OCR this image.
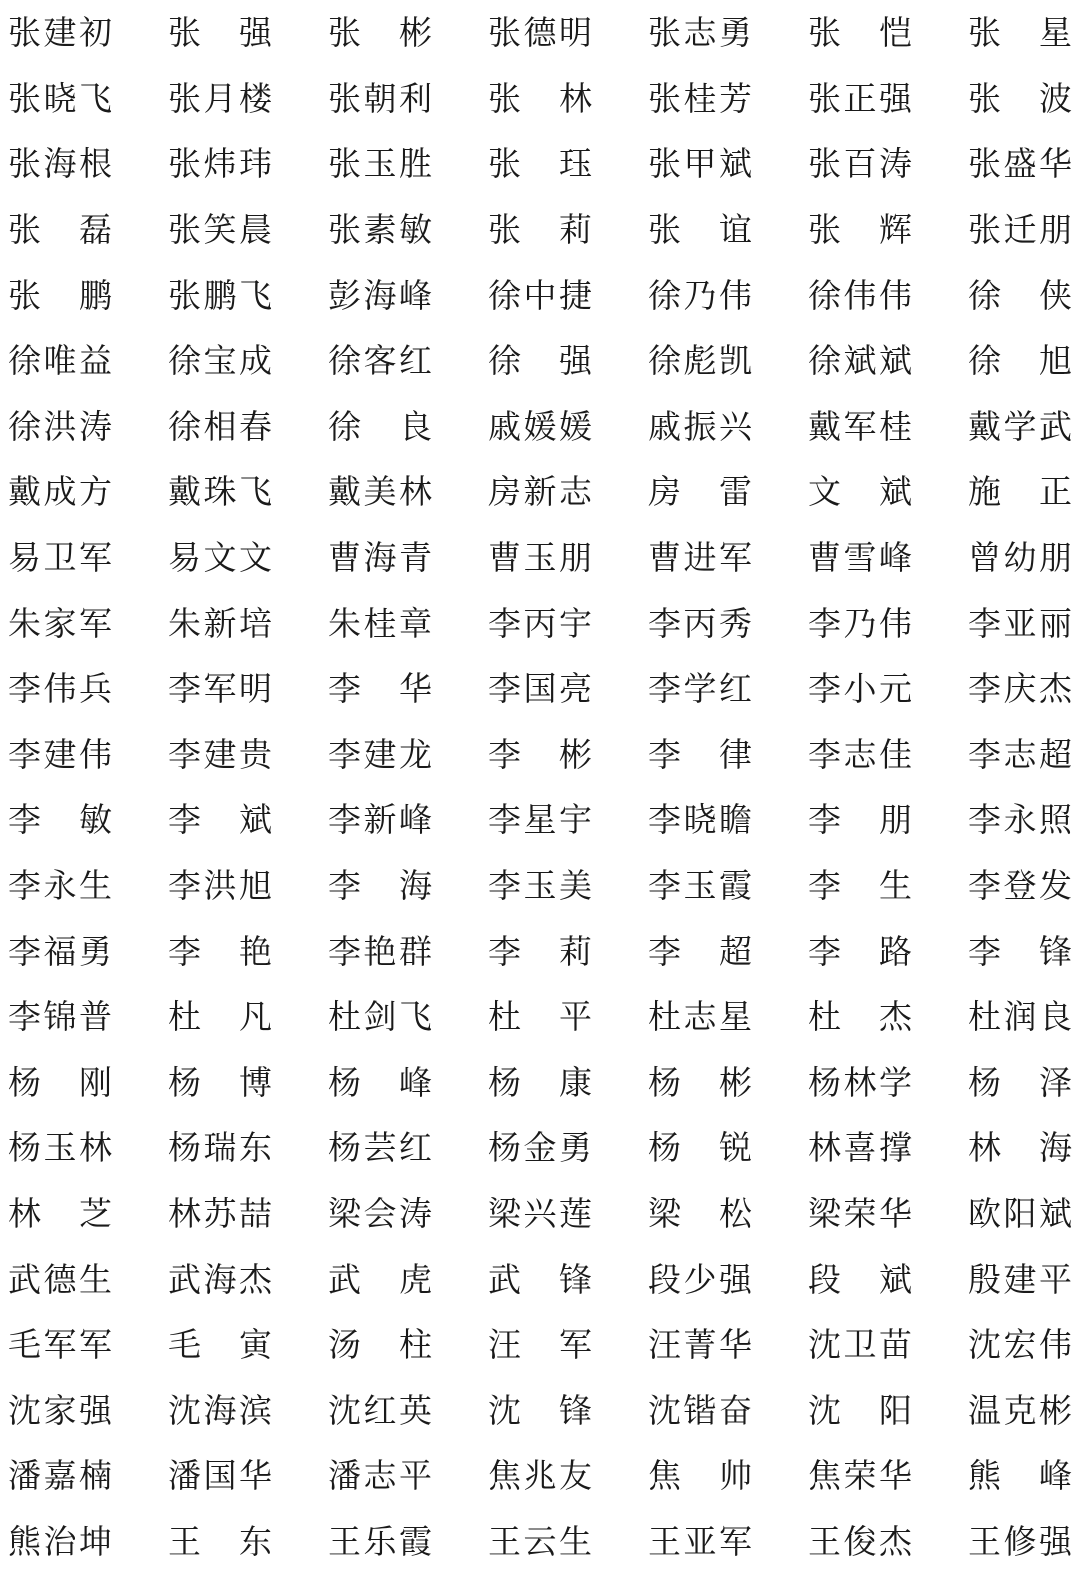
张 建 初 张 强 张 彬 张 德 明 张 志 勇 张 恺 张 星
张 晓 飞 张 月 楼 张 朝 利 张 林 张 桂 芳 张 正 强 张 波
张 海 根 张 炜 玮 张 玉 胜 张 珏 张 甲 斌 张 百 涛 张 盛 华
张 磊 张 笑 晨 张 素 敏 张 莉 张 谊 张 辉 张 迁 朋
张 鹏 张 鹏 飞 彭 海 峰 徐 中 捷 徐 乃 伟 徐 伟 伟 徐 侠
徐 唯 益 徐 宝 成 徐 客 红 徐 强 徐 彪 凯 徐 斌 斌 徐 旭
徐 洪 涛 徐 相 春 徐 良 戚 媛 媛 戚 振 兴 戴 军 桂 戴 学 武
戴 成 方 戴 珠 飞 戴 美 林 房 新 志 房 雷 文 斌 施 正
易 卫 军 易 文 文 曹 海 青 曹 玉 朋 曹 进 军 曹 雪 峰 曾 幼 朋
朱 家 军 朱 新 培 朱 桂 章 李 丙 宇 李 丙 秀 李 乃 伟 李 亚 丽
李 伟 兵 李 军 明 李 华 李 国 亮 李 学 红 李 小 元 李 庆 杰
李 建 伟 李 建 贵 李 建 龙 李 彬 李 律 李 志 佳 李 志 超
李 敏 李 斌 李 新 峰 李 星 宇 李 晓 瞻 李 朋 李 永 照
李 永 生 李 洪 旭 李 海 李 玉 美 李 玉 霞 李 生 李 登 发
李 福 勇 李 艳 李 艳 群 李 莉 李 超 李 路 李 锋
李 锦 普 杜 凡 杜 剑 飞 杜 平 杜 志 星 杜 杰 杜 润 良
杨 刚 杨 博 杨 峰 杨 康 杨 彬 杨 林 学 杨 泽
杨 玉 林 杨 瑞 东 杨 芸 红 杨 金 勇 杨 锐 林 喜 撑 林 海
林 芝 林 苏 喆 梁 会 涛 梁 兴 莲 梁 松 梁 荣 华 欧 阳 斌
武 德 生 武 海 杰 武 虎 武 锋 段 少 强 段 斌 殷 建 平
毛 军 军 毛 寅 汤 柱 汪 军 汪 菁 华 沈 卫 苗 沈 宏 伟
沈 家 强 沈 海 滨 沈 红 英 沈 锋 沈 锴 奋 沈 阳 温 克 彬
潘 嘉 楠 潘 国 华 潘 志 平 焦 兆 友 焦 帅 焦 荣 华 熊 峰
熊 治 坤 王 东 王 乐 霞 王 云 生 王 亚 军 王 俊 杰 王 修 强
